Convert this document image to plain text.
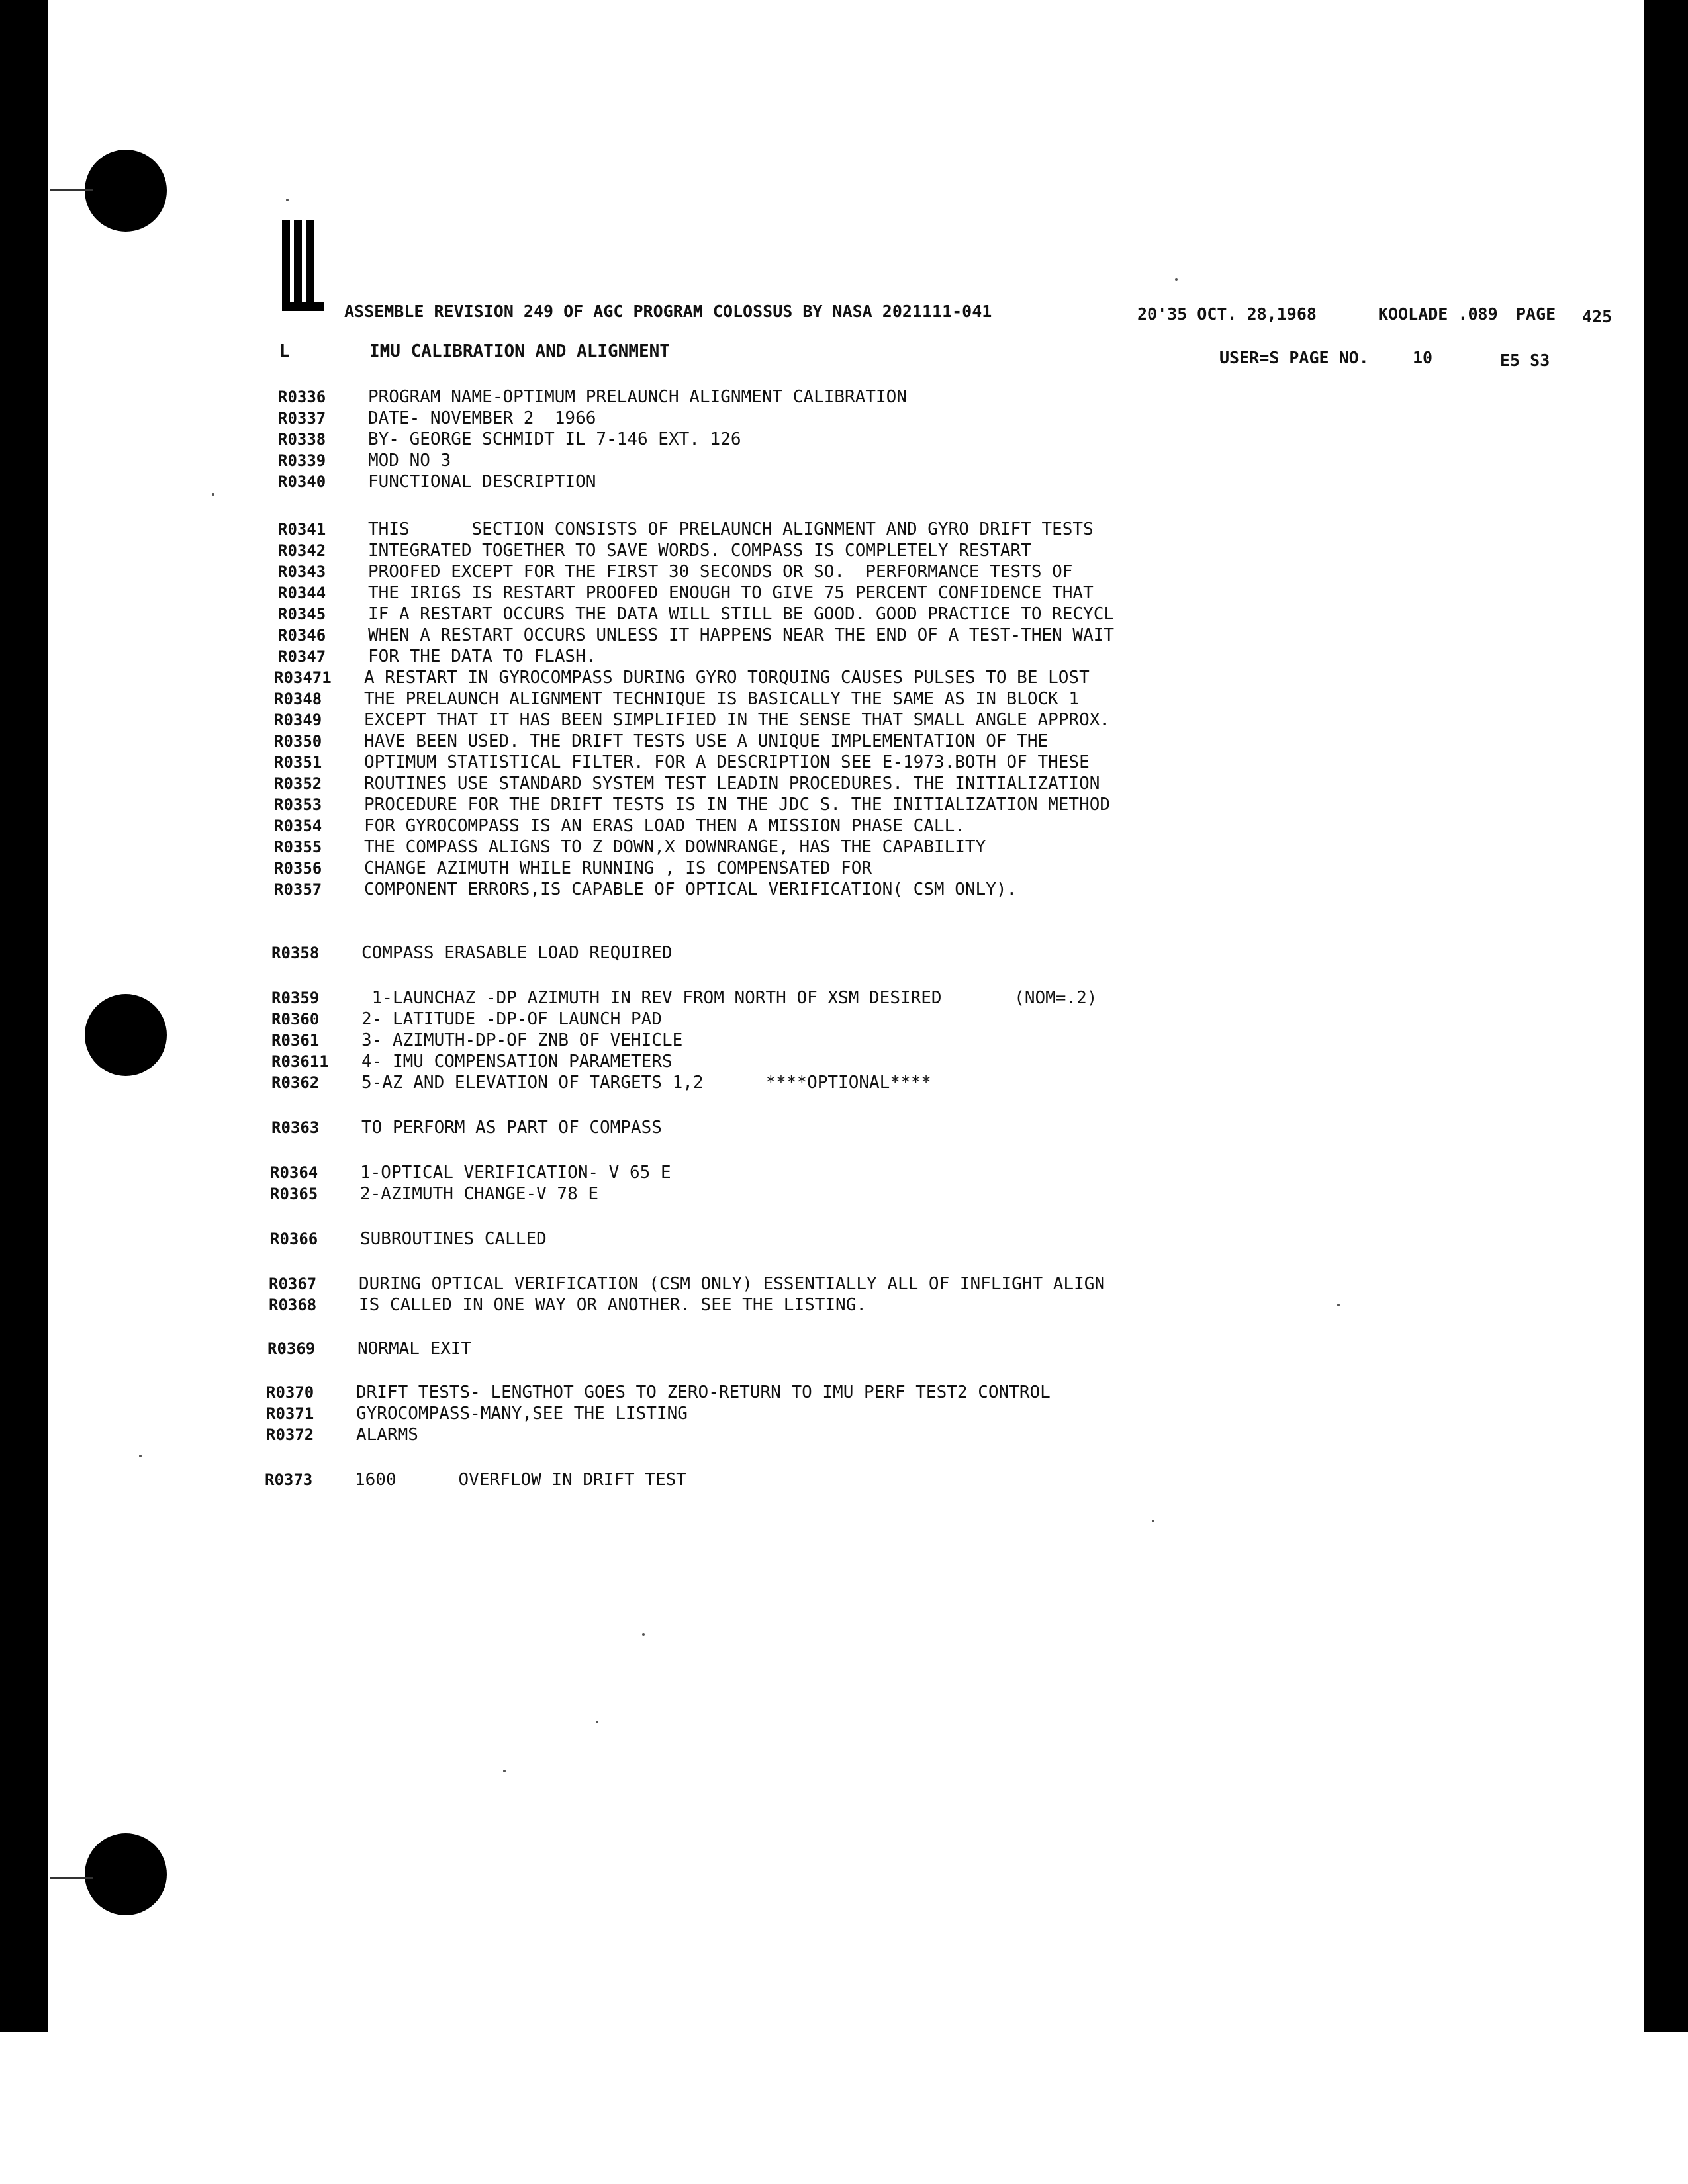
ASSEMBLE REVISION 249 OF AGC PROGRAM COLOSSUS BY NASA 2021111-041	20'35 OCT. 28,1968	KOOLADE .089 PAGE 425
L	IMU CALIBRATION AND ALIGNMENT	USER=S PAGE NO.	10	E5 S3
R0336 PROGRAM NAME-OPTIMUM PRELAUNCH ALIGNMENT CALIBRATION
R0337 DATE- NOVEMBER 2  1966
R0338 BY- GEORGE SCHMIDT IL 7-146 EXT. 126
R0339 MOD NO 3
R0340 FUNCTIONAL DESCRIPTION
R0341 THIS      SECTION CONSISTS OF PRELAUNCH ALIGNMENT AND GYRO DRIFT TESTS
R0342 INTEGRATED TOGETHER TO SAVE WORDS. COMPASS IS COMPLETELY RESTART
R0343 PROOFED EXCEPT FOR THE FIRST 30 SECONDS OR SO.  PERFORMANCE TESTS OF
R0344 THE IRIGS IS RESTART PROOFED ENOUGH TO GIVE 75 PERCENT CONFIDENCE THAT
R0345 IF A RESTART OCCURS THE DATA WILL STILL BE GOOD. GOOD PRACTICE TO RECYCL
R0346 WHEN A RESTART OCCURS UNLESS IT HAPPENS NEAR THE END OF A TEST-THEN WAIT
R0347 FOR THE DATA TO FLASH.
R03471 A RESTART IN GYROCOMPASS DURING GYRO TORQUING CAUSES PULSES TO BE LOST
R0348 THE PRELAUNCH ALIGNMENT TECHNIQUE IS BASICALLY THE SAME AS IN BLOCK 1
R0349 EXCEPT THAT IT HAS BEEN SIMPLIFIED IN THE SENSE THAT SMALL ANGLE APPROX.
R0350 HAVE BEEN USED. THE DRIFT TESTS USE A UNIQUE IMPLEMENTATION OF THE
R0351 OPTIMUM STATISTICAL FILTER. FOR A DESCRIPTION SEE E-1973.BOTH OF THESE
R0352 ROUTINES USE STANDARD SYSTEM TEST LEADIN PROCEDURES. THE INITIALIZATION
R0353 PROCEDURE FOR THE DRIFT TESTS IS IN THE JDC S. THE INITIALIZATION METHOD
R0354 FOR GYROCOMPASS IS AN ERAS LOAD THEN A MISSION PHASE CALL.
R0355 THE COMPASS ALIGNS TO Z DOWN,X DOWNRANGE, HAS THE CAPABILITY
R0356 CHANGE AZIMUTH WHILE RUNNING , IS COMPENSATED FOR
R0357 COMPONENT ERRORS,IS CAPABLE OF OPTICAL VERIFICATION( CSM ONLY).
R0358 COMPASS ERASABLE LOAD REQUIRED
R0359 1-LAUNCHAZ -DP AZIMUTH IN REV FROM NORTH OF XSM DESIRED       (NOM=.2)
R0360 2- LATITUDE -DP-OF LAUNCH PAD
R0361 3- AZIMUTH-DP-OF ZNB OF VEHICLE
R03611 4- IMU COMPENSATION PARAMETERS
R0362 5-AZ AND ELEVATION OF TARGETS 1,2      ****OPTIONAL****
R0363 TO PERFORM AS PART OF COMPASS
R0364 1-OPTICAL VERIFICATION- V 65 E
R0365 2-AZIMUTH CHANGE-V 78 E
R0366 SUBROUTINES CALLED
R0367 DURING OPTICAL VERIFICATION (CSM ONLY) ESSENTIALLY ALL OF INFLIGHT ALIGN
R0368 IS CALLED IN ONE WAY OR ANOTHER. SEE THE LISTING.
R0369 NORMAL EXIT
R0370 DRIFT TESTS- LENGTHOT GOES TO ZERO-RETURN TO IMU PERF TEST2 CONTROL
R0371 GYROCOMPASS-MANY,SEE THE LISTING
R0372 ALARMS
R0373 1600      OVERFLOW IN DRIFT TEST
